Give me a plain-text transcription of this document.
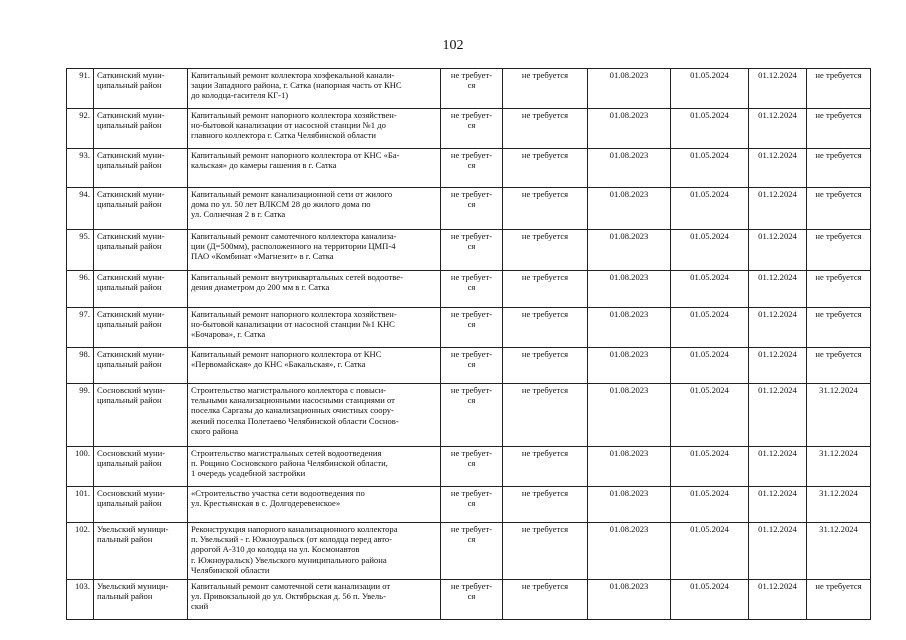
102
91.	Саткинский муни-
ципальный район	Капитальный ремонт коллектора хозфекальной канали-
зации Западного района, г. Сатка (напорная часть от КНС
до колодца-гасителя КГ-1)	не требует-
ся	не требуется	01.08.2023	01.05.2024	01.12.2024	не требуется
92.	Саткинский муни-
ципальный район	Капитальный ремонт напорного коллектора хозяйствен-
но-бытовой канализации от насосной станции №1 до
главного коллектора г. Сатка Челябинской области	не требует-
ся	не требуется	01.08.2023	01.05.2024	01.12.2024	не требуется
93.	Саткинский муни-
ципальный район	Капитальный ремонт напорного коллектора от КНС «Ба-
кальская» до камеры гашения в г. Сатка	не требует-
ся	не требуется	01.08.2023	01.05.2024	01.12.2024	не требуется
94.	Саткинский муни-
ципальный район	Капитальный ремонт канализационной сети от жилого
дома по ул. 50 лет ВЛКСМ 28 до жилого дома по
ул. Солнечная 2 в г. Сатка	не требует-
ся	не требуется	01.08.2023	01.05.2024	01.12.2024	не требуется
95.	Саткинский муни-
ципальный район	Капитальный ремонт самотечного коллектора канализа-
ции (Д=500мм), расположенного на территории ЦМП-4
ПАО «Комбинат «Магнезит» в г. Сатка	не требует-
ся	не требуется	01.08.2023	01.05.2024	01.12.2024	не требуется
96.	Саткинский муни-
ципальный район	Капитальный ремонт внутриквартальных сетей водоотве-
дения диаметром до 200 мм в г. Сатка	не требует-
ся	не требуется	01.08.2023	01.05.2024	01.12.2024	не требуется
97.	Саткинский муни-
ципальный район	Капитальный ремонт напорного коллектора хозяйствен-
но-бытовой канализации от насосной станции №1 КНС
«Бочарова», г. Сатка	не требует-
ся	не требуется	01.08.2023	01.05.2024	01.12.2024	не требуется
98.	Саткинский муни-
ципальный район	Капитальный ремонт напорного коллектора от КНС
«Первомайская» до КНС «Бакальская», г. Сатка	не требует-
ся	не требуется	01.08.2023	01.05.2024	01.12.2024	не требуется
99.	Сосновский муни-
ципальный район	Строительство магистрального коллектора с повыси-
тельными канализационными насосными станциями от
поселка Саргазы до канализационных очистных соору-
жений поселка Полетаево Челябинской области Соснов-
ского района	не требует-
ся	не требуется	01.08.2023	01.05.2024	01.12.2024	31.12.2024
100.	Сосновский муни-
ципальный район	Строительство магистральных сетей водоотведения
п. Рощино Сосновского района Челябинской области,
1 очередь усадебной застройки	не требует-
ся	не требуется	01.08.2023	01.05.2024	01.12.2024	31.12.2024
101.	Сосновский муни-
ципальный район	«Строительство участка сети водоотведения по
ул. Крестьянская в с. Долгодеревенское»	не требует-
ся	не требуется	01.08.2023	01.05.2024	01.12.2024	31.12.2024
102.	Увельский муници-
пальный район	Реконструкция напорного канализационного коллектора
п. Увельский - г. Южноуральск (от колодца перед авто-
дорогой А-310 до колодца на ул. Космонавтов
г. Южноуральск) Увельского муниципального района
Челябинской области	не требует-
ся	не требуется	01.08.2023	01.05.2024	01.12.2024	31.12.2024
103.	Увельский муници-
пальный район	Капитальный ремонт самотечной сети канализации от
ул. Привокзальной до ул. Октябрьская д. 56 п. Увель-
ский	не требует-
ся	не требуется	01.08.2023	01.05.2024	01.12.2024	не требуется
